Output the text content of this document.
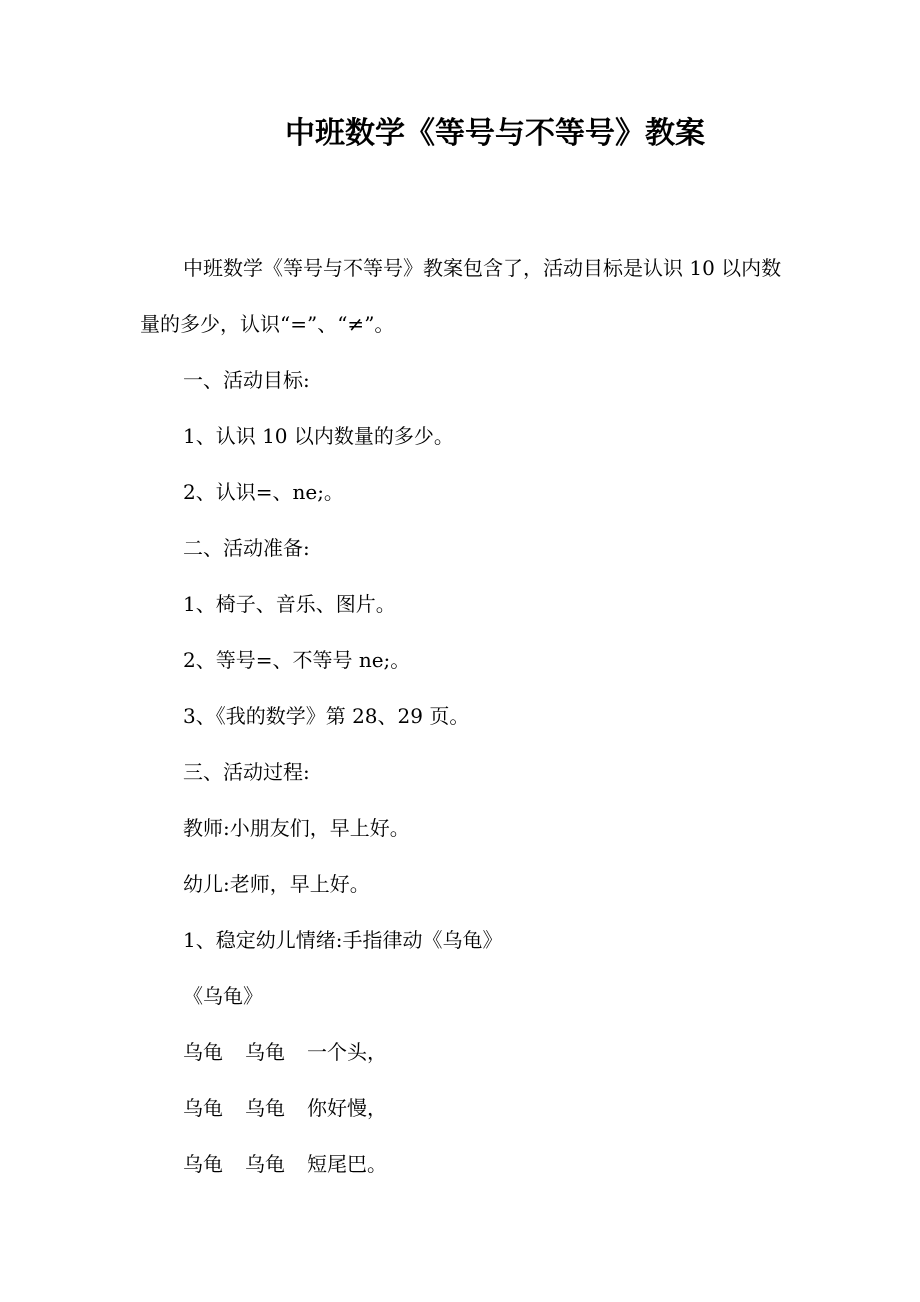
中班数学《等号与不等号》教案

中班数学《等号与不等号》教案包含了，活动目标是认识 10 以内数量的多少，认识“=”、“≠”。

一、活动目标:

1、认识 10 以内数量的多少。

2、认识=、ne;。

二、活动准备:

1、椅子、音乐、图片。

2、等号=、不等号 ne;。

3、《我的数学》第 28、29 页。

三、活动过程:

教师:小朋友们，早上好。

幼儿:老师，早上好。

1、稳定幼儿情绪:手指律动《乌龟》

《乌龟》

乌龟 乌龟 一个头，

乌龟 乌龟 你好慢，

乌龟 乌龟 短尾巴。
